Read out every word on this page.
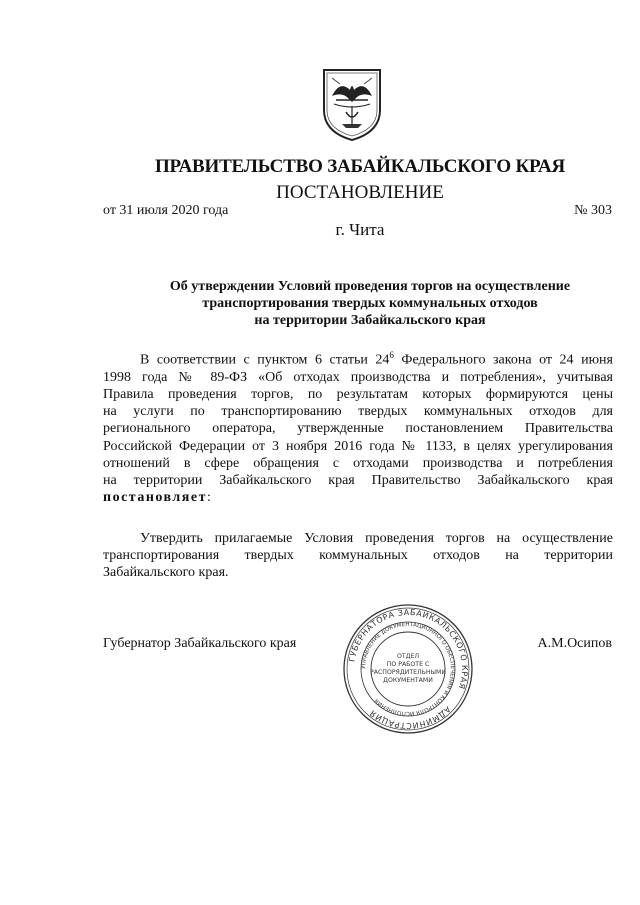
ПРАВИТЕЛЬСТВО ЗАБАЙКАЛЬСКОГО КРАЯ
ПОСТАНОВЛЕНИЕ
от 31 июля 2020 года	№ 303
г. Чита
Об утверждении Условий проведения торгов на осуществление
транспортирования твердых коммунальных отходов
на территории Забайкальского края
В соответствии с пунктом 6 статьи $24^6$ Федерального закона от 24 июня
1998 года № 89-ФЗ «Об отходах производства и потребления», учитывая
Правила проведения торгов, по результатам которых формируются цены
на услуги по транспортированию твердых коммунальных отходов для
регионального оператора, утвержденные постановлением Правительства
Российской Федерации от 3 ноября 2016 года № 1133, в целях урегулирования
отношений в сфере обращения с отходами производства и потребления
на территории Забайкальского края Правительство Забайкальского края
постановляет:
Утвердить прилагаемые Условия проведения торгов на осуществление
транспортирования твердых коммунальных отходов на территории
Забайкальского края.
Губернатор Забайкальского края	А.М.Осипов
ГУБЕРНАТОРА ЗАБАЙКАЛЬСКОГО КРАЯ
АДМИНИСТРАЦИЯ
УПРАВЛЕНИЕ ДОКУМЕНТАЦИОННОГО ОБЕСПЕЧЕНИЯ И КОНТРОЛЯ ИСПОЛНЕНИЯ
ОТДЕЛ
ПО РАБОТЕ С
РАСПОРЯДИТЕЛЬНЫМИ
ДОКУМЕНТАМИ
